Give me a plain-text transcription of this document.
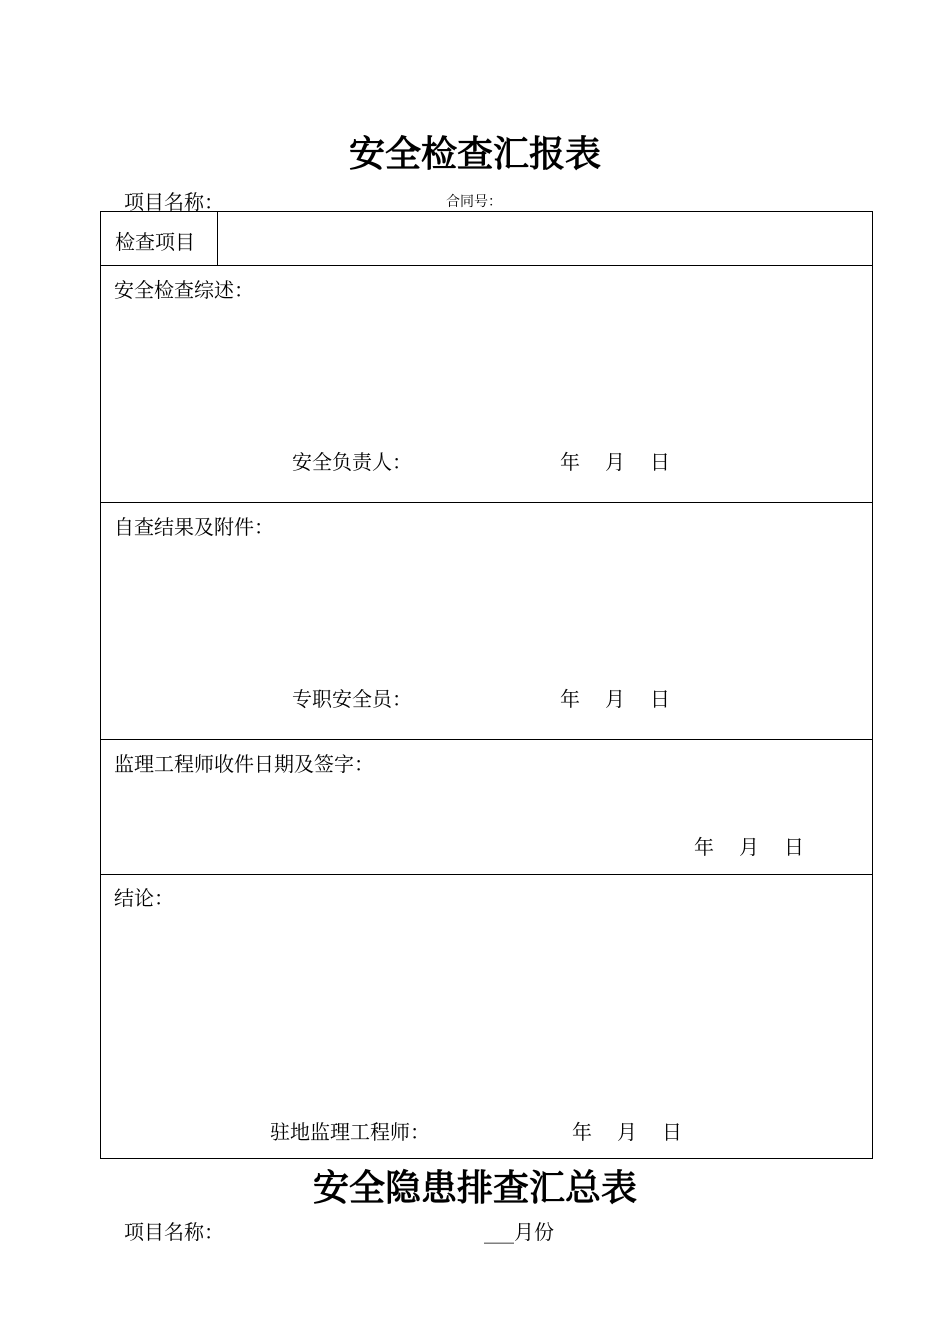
安全检查汇报表
项目名称：	合同号：
检查项目
安全检查综述：
安全负责人：	年 月 日
自查结果及附件：
专职安全员：	年 月 日
监理工程师收件日期及签字：
年 月 日
结论：
驻地监理工程师：	年 月 日
安全隐患排查汇总表
项目名称：	___月份
